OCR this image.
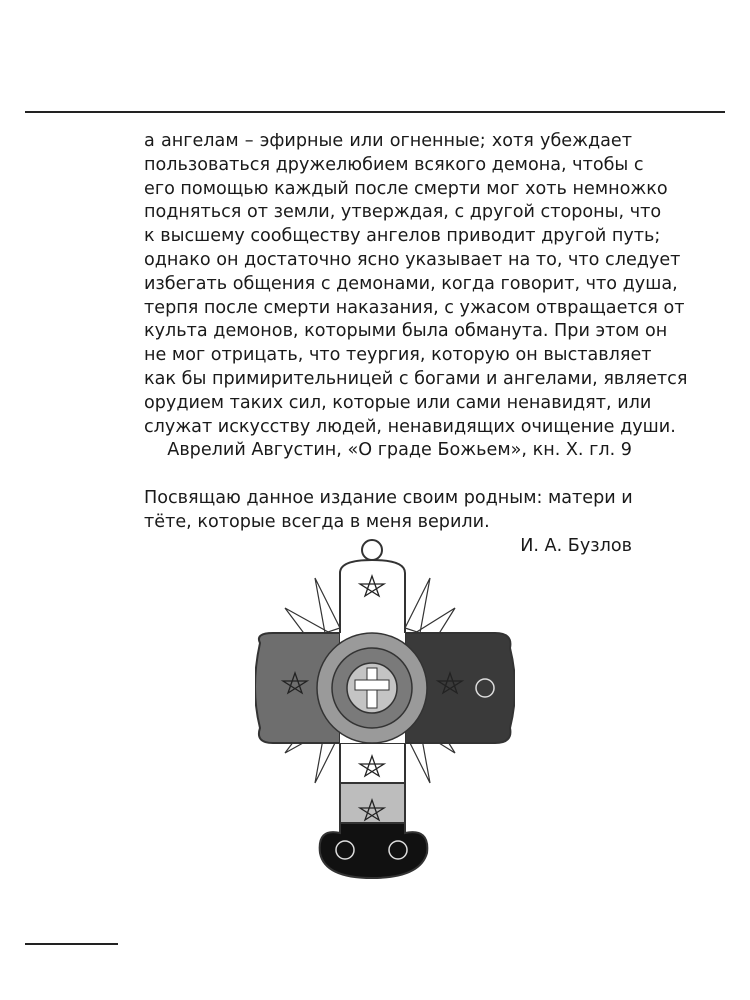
а ангелам – эфирные или огненные; хотя убеждает
пользоваться дружелюбием всякого демона, чтобы с
его помощью каждый после смерти мог хоть немножко
подняться от земли, утверждая, с другой стороны, что
к высшему сообществу ангелов приводит другой путь;
однако он достаточно ясно указывает на то, что следует
избегать общения с демонами, когда говорит, что душа,
терпя после смерти наказания, с ужасом отвращается от
культа демонов, которыми была обманута. При этом он
не мог отрицать, что теургия, которую он выставляет
как бы примирительницей с богами и ангелами, является
орудием таких сил, которые или сами ненавидят, или
служат искусству людей, ненавидящих очищение души.
Аврелий Августин, «О граде Божьем», кн. X. гл. 9
Посвящаю данное издание своим родным: матери и
тёте, которые всегда в меня верили.
И. А. Бузлов
